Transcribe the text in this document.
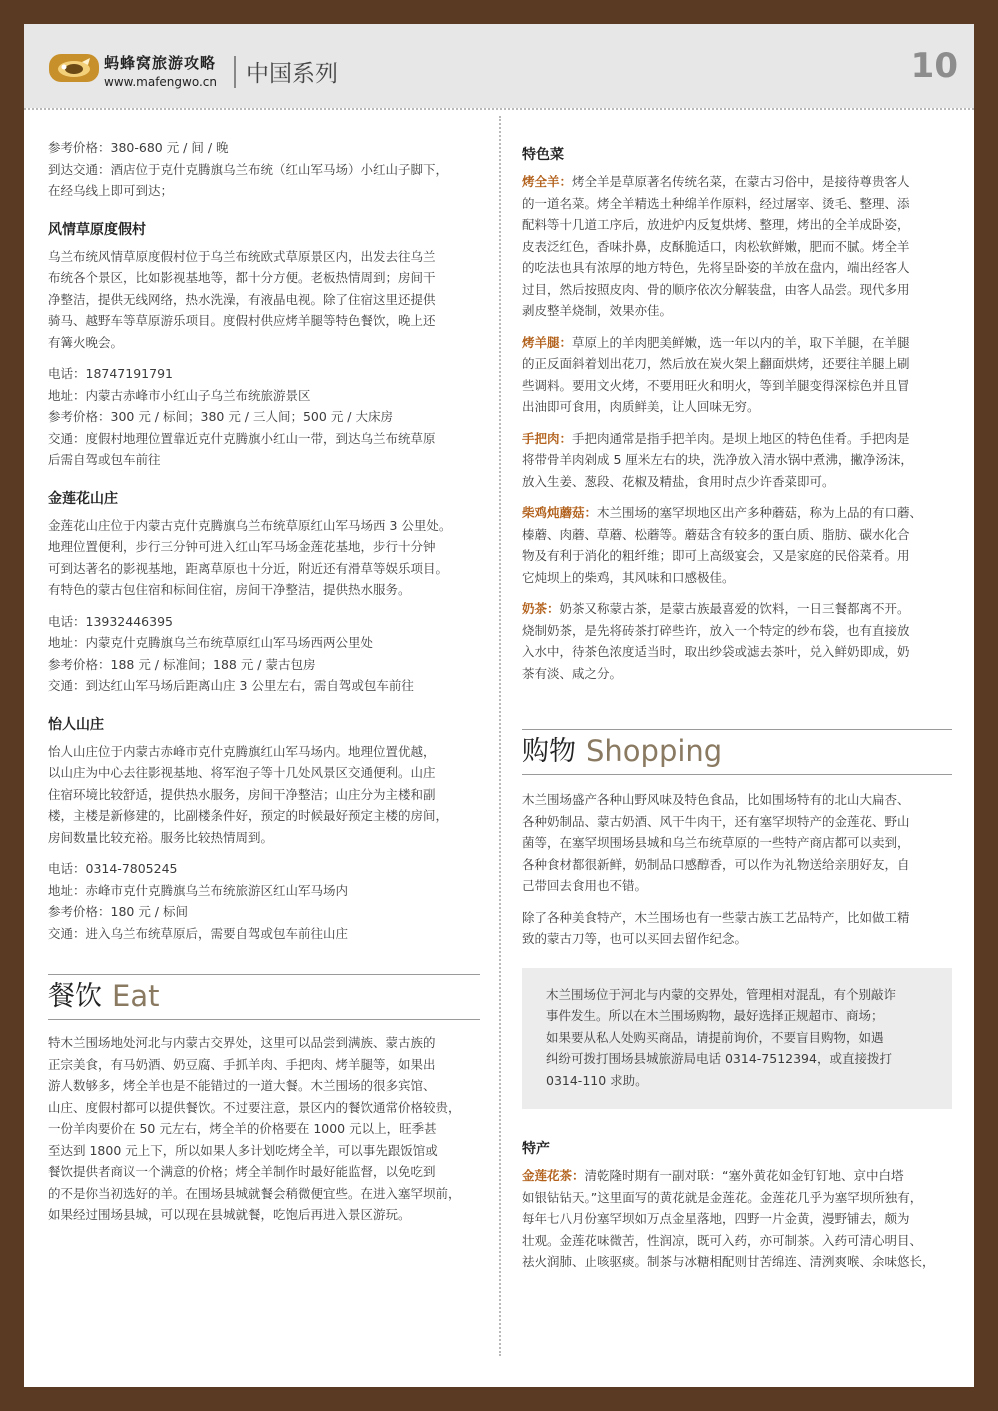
蚂蜂窝旅游攻略
www.mafengwo.cn 中国系列	10

参考价格：380-680 元 / 间 / 晚

到达交通：酒店位于克什克腾旗乌兰布统（红山军马场）小红山子脚下，

在经乌线上即可到达；

风情草原度假村

乌兰布统风情草原度假村位于乌兰布统欧式草原景区内，出发去往乌兰

布统各个景区，比如影视基地等，都十分方便。老板热情周到；房间干

净整洁，提供无线网络，热水洗澡，有液晶电视。除了住宿这里还提供

骑马、越野车等草原游乐项目。度假村供应烤羊腿等特色餐饮，晚上还

有篝火晚会。

电话：18747191791

地址：内蒙古赤峰市小红山子乌兰布统旅游景区

参考价格：300 元 / 标间；380 元 / 三人间；500 元 / 大床房

交通：度假村地理位置靠近克什克腾旗小红山一带，到达乌兰布统草原

后需自驾或包车前往

金莲花山庄

金莲花山庄位于内蒙古克什克腾旗乌兰布统草原红山军马场西 3 公里处。

地理位置便利，步行三分钟可进入红山军马场金莲花基地，步行十分钟

可到达著名的影视基地，距离草原也十分近，附近还有滑草等娱乐项目。

有特色的蒙古包住宿和标间住宿，房间干净整洁，提供热水服务。

电话：13932446395

地址：内蒙克什克腾旗乌兰布统草原红山军马场西两公里处

参考价格：188 元 / 标准间；188 元 / 蒙古包房

交通：到达红山军马场后距离山庄 3 公里左右，需自驾或包车前往

怡人山庄

怡人山庄位于内蒙古赤峰市克什克腾旗红山军马场内。地理位置优越，

以山庄为中心去往影视基地、将军泡子等十几处风景区交通便利。山庄

住宿环境比较舒适，提供热水服务，房间干净整洁；山庄分为主楼和副

楼，主楼是新修建的，比副楼条件好，预定的时候最好预定主楼的房间，

房间数量比较充裕。服务比较热情周到。

电话：0314-7805245

地址：赤峰市克什克腾旗乌兰布统旅游区红山军马场内

参考价格：180 元 / 标间

交通：进入乌兰布统草原后，需要自驾或包车前往山庄

餐饮 Eat

特木兰围场地处河北与内蒙古交界处，这里可以品尝到满族、蒙古族的

正宗美食，有马奶酒、奶豆腐、手抓羊肉、手把肉、烤羊腿等，如果出

游人数够多，烤全羊也是不能错过的一道大餐。木兰围场的很多宾馆、

山庄、度假村都可以提供餐饮。不过要注意，景区内的餐饮通常价格较贵，

一份羊肉要价在 50 元左右，烤全羊的价格要在 1000 元以上，旺季甚

至达到 1800 元上下，所以如果人多计划吃烤全羊，可以事先跟饭馆或

餐饮提供者商议一个满意的价格；烤全羊制作时最好能监督，以免吃到

的不是你当初选好的羊。在围场县城就餐会稍微便宜些。在进入塞罕坝前，

如果经过围场县城，可以现在县城就餐，吃饱后再进入景区游玩。

特色菜

烤全羊：烤全羊是草原著名传统名菜，在蒙古习俗中，是接待尊贵客人

的一道名菜。烤全羊精选土种绵羊作原料，经过屠宰、烫毛、整理、添

配料等十几道工序后，放进炉内反复烘烤、整理，烤出的全羊成卧姿，

皮表泛红色，香味扑鼻，皮酥脆适口，肉松软鲜嫩，肥而不腻。烤全羊

的吃法也具有浓厚的地方特色，先将呈卧姿的羊放在盘内，端出经客人

过目，然后按照皮肉、骨的顺序依次分解装盘，由客人品尝。现代多用

剥皮整羊烧制，效果亦佳。

烤羊腿：草原上的羊肉肥美鲜嫩，选一年以内的羊，取下羊腿，在羊腿

的正反面斜着划出花刀，然后放在炭火架上翻面烘烤，还要往羊腿上刷

些调料。要用文火烤，不要用旺火和明火，等到羊腿变得深棕色并且冒

出油即可食用，肉质鲜美，让人回味无穷。

手把肉：手把肉通常是指手把羊肉。是坝上地区的特色佳肴。手把肉是

将带骨羊肉剁成 5 厘米左右的块，洗净放入清水锅中煮沸，撇净汤沫，

放入生姜、葱段、花椒及精盐，食用时点少许香菜即可。

柴鸡炖蘑菇：木兰围场的塞罕坝地区出产多种蘑菇，称为上品的有口蘑、

榛蘑、肉蘑、草蘑、松蘑等。蘑菇含有较多的蛋白质、脂肪、碳水化合

物及有利于消化的粗纤维；即可上高级宴会，又是家庭的民俗菜肴。用

它炖坝上的柴鸡，其风味和口感极佳。

奶茶：奶茶又称蒙古茶，是蒙古族最喜爱的饮料，一日三餐都离不开。

烧制奶茶，是先将砖茶打碎些许，放入一个特定的纱布袋，也有直接放

入水中，待茶色浓度适当时，取出纱袋或滤去茶叶，兑入鲜奶即成，奶

茶有淡、咸之分。

购物 Shopping

木兰围场盛产各种山野风味及特色食品，比如围场特有的北山大扁杏、

各种奶制品、蒙古奶酒、风干牛肉干，还有塞罕坝特产的金莲花、野山

菌等，在塞罕坝围场县城和乌兰布统草原的一些特产商店都可以卖到，

各种食材都很新鲜，奶制品口感醇香，可以作为礼物送给亲朋好友，自

己带回去食用也不错。

除了各种美食特产，木兰围场也有一些蒙古族工艺品特产，比如做工精

致的蒙古刀等，也可以买回去留作纪念。

木兰围场位于河北与内蒙的交界处，管理相对混乱，有个别敲诈

事件发生。所以在木兰围场购物，最好选择正规超市、商场；

如果要从私人处购买商品，请提前询价，不要盲目购物，如遇

纠纷可拨打围场县城旅游局电话 0314-7512394，或直接拨打

0314-110 求助。

特产

金莲花茶：清乾隆时期有一副对联：“塞外黄花如金钉钉地、京中白塔

如银钻钻天。”这里面写的黄花就是金莲花。金莲花几乎为塞罕坝所独有，

每年七八月份塞罕坝如万点金星落地，四野一片金黄，漫野铺去，颇为

壮观。金莲花味微苦，性润凉，既可入药，亦可制茶。入药可清心明目、

祛火润肺、止咳驱痰。制茶与冰糖相配则甘苦绵连、清洌爽喉、余味悠长，
